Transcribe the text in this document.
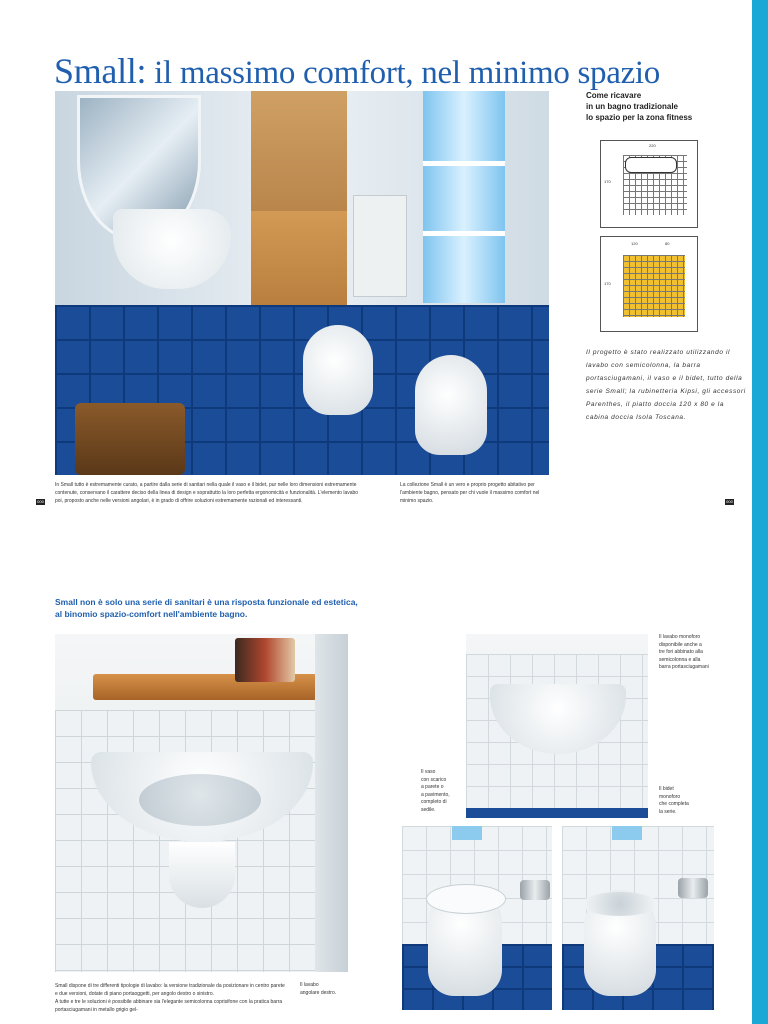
Small: il massimo comfort, nel minimo spazio
000
In Small tutto è estremamente curato, a partire dalla serie di sanitari nella quale il vaso e il bidet, pur nelle loro dimensioni estremamente contenute, conservano il carattere deciso della linea di design e soprattutto la loro perfetta ergonomicità e funzionalità. L'elemento lavabo poi, proposto anche nelle versioni angolari, è in grado di offrire soluzioni estremamente razionali ed interessanti.
La collezione Small è un vero e proprio progetto abitativo per l'ambiente bagno, pensato per chi vuole il massimo comfort nel minimo spazio.	000
Come ricavare
in un bagno tradizionale
lo spazio per la zona fitness
220
170
120	80
170
Il progetto è stato realizzato utilizzando il lavabo con semicolonna, la barra portasciugamani, il vaso e il bidet, tutto della serie Small; la rubinetteria Kipsi, gli accessori Parenthes, il piatto doccia 120 x 80 e la cabina doccia Isola Toscana.
Small non è solo una serie di sanitari è una risposta funzionale ed estetica,
al binomio spazio-comfort nell'ambiente bagno.
Il lavabo monoforo
disponibile anche a
tre fori abbinato alla
semicolonna e alla
barra portasciugamani
Il vaso
con scarico
a parete o
a pavimento,
completo di
sedile.
Il bidet
monoforo
che completa
la serie.
Small dispone di tre differenti tipologie di lavabo: la versione tradizionale da posizionare in centro parete e due versioni, dotate di piano portaoggetti, per angolo destro o sinistro.
A tutte e tre le soluzioni è possibile abbinare sia l'elegante semicolonna coprisifone con la pratica barra portasciugamani in metallo grigio gel-
Il lavabo
angolare destro.
